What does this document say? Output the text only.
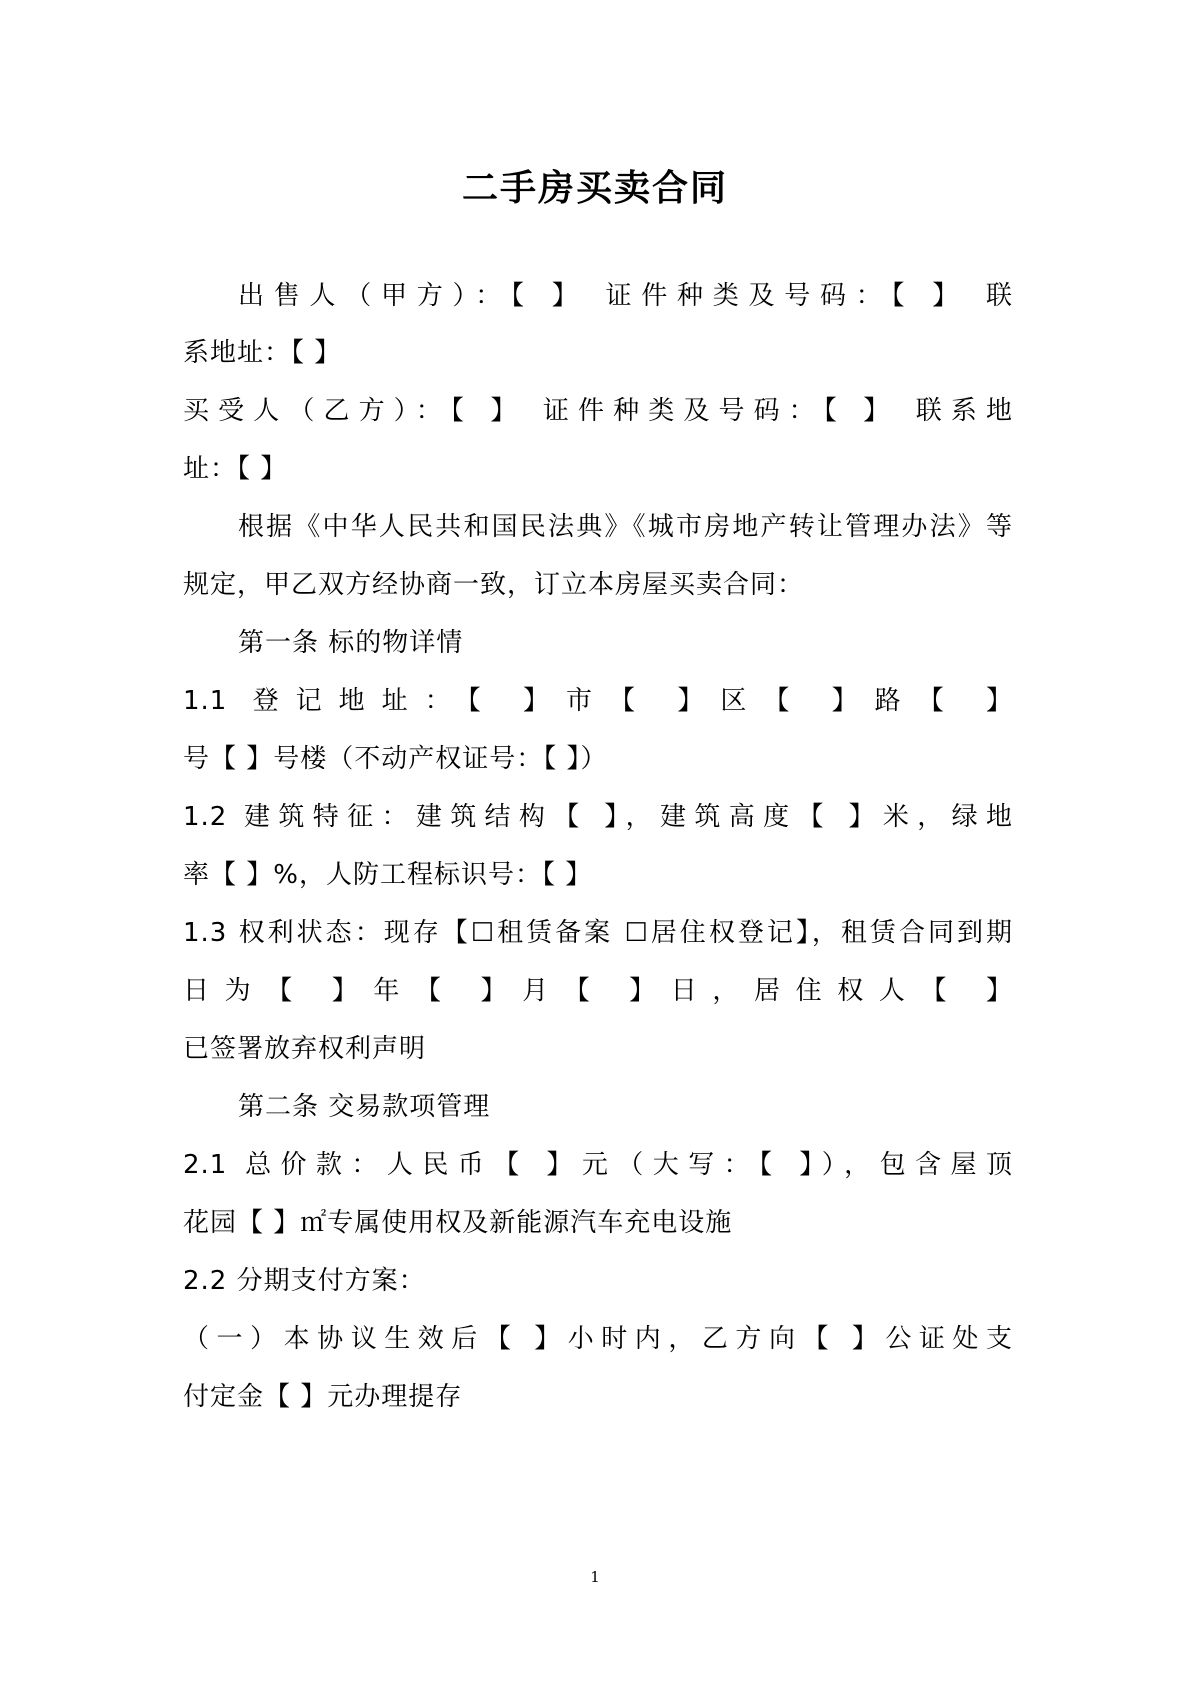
二手房买卖合同
出售人（甲方）：【 】 证件种类及号码：【 】 联
系地址：【 】
买受人（乙方）：【 】 证件种类及号码：【 】 联系地
址：【 】
根据《中华人民共和国民法典》《城市房地产转让管理办法》等
规定，甲乙双方经协商一致，订立本房屋买卖合同：
第一条 标的物详情
1.1 登记地址：【 】市【 】区【 】路【 】
号【 】号楼（不动产权证号：【 】）
1.2 建筑特征：建筑结构【 】，建筑高度【 】米，绿地
率【 】%，人防工程标识号：【 】
1.3 权利状态：现存【☐租赁备案 ☐居住权登记】，租赁合同到期
日为【 】年【 】月【 】日，居住权人【 】
已签署放弃权利声明
第二条 交易款项管理
2.1 总价款：人民币【 】元（大写：【 】），包含屋顶
花园【 】㎡专属使用权及新能源汽车充电设施
2.2 分期支付方案：
（一）本协议生效后【 】小时内，乙方向【 】公证处支
付定金【 】元办理提存
1
